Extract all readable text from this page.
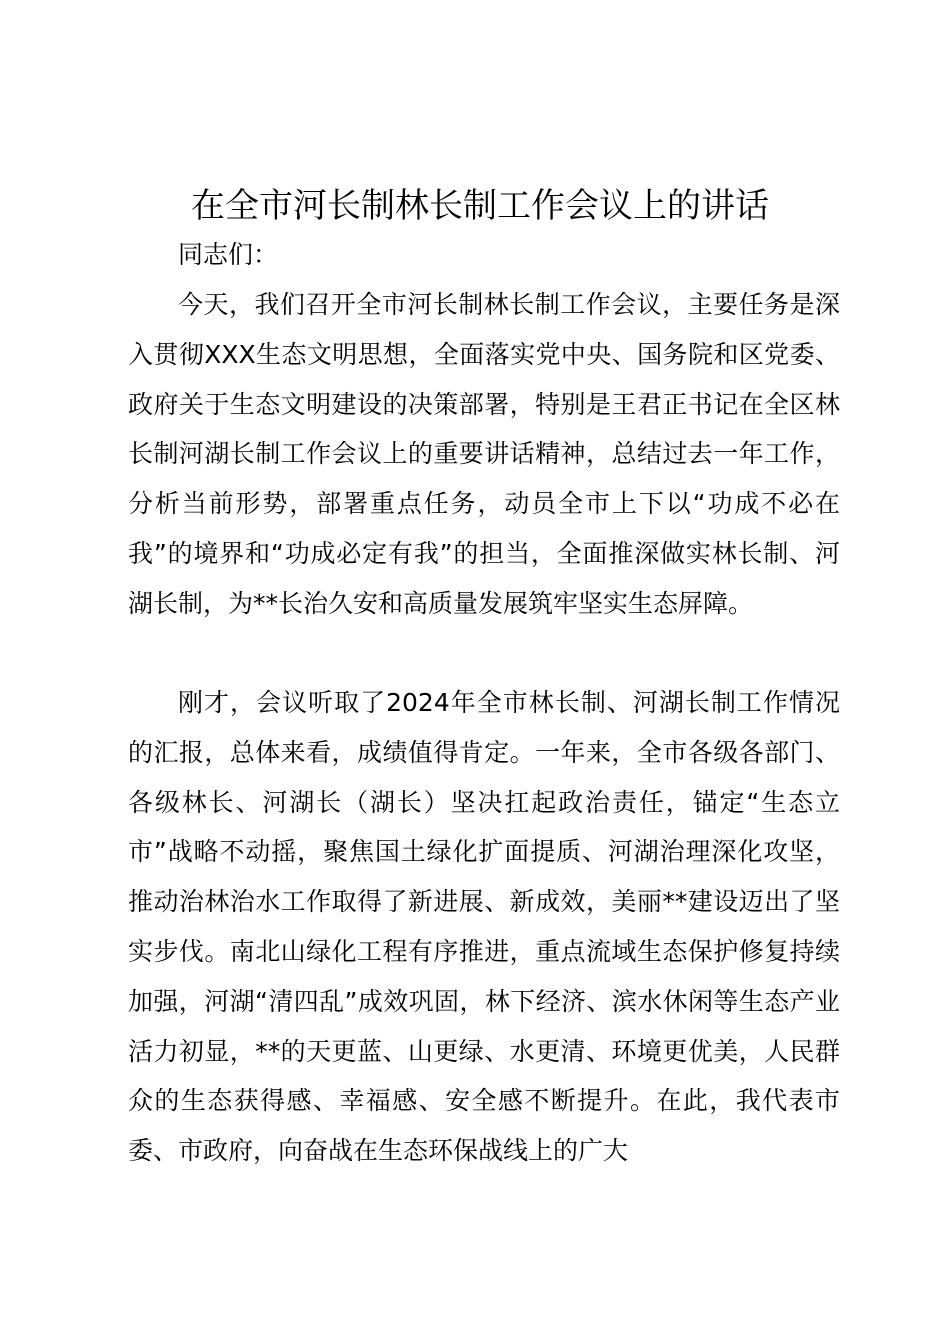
在全市河长制林长制工作会议上的讲话

同志们：

今天，我们召开全市河长制林长制工作会议，主要任务是深入贯彻XXX生态文明思想，全面落实党中央、国务院和区党委、政府关于生态文明建设的决策部署，特别是王君正书记在全区林长制河湖长制工作会议上的重要讲话精神，总结过去一年工作，分析当前形势，部署重点任务，动员全市上下以“功成不必在我”的境界和“功成必定有我”的担当，全面推深做实林长制、河湖长制，为**长治久安和高质量发展筑牢坚实生态屏障。

刚才，会议听取了2024年全市林长制、河湖长制工作情况的汇报，总体来看，成绩值得肯定。一年来，全市各级各部门、各级林长、河湖长（湖长）坚决扛起政治责任，锚定“生态立市”战略不动摇，聚焦国土绿化扩面提质、河湖治理深化攻坚，推动治林治水工作取得了新进展、新成效，美丽**建设迈出了坚实步伐。南北山绿化工程有序推进，重点流域生态保护修复持续加强，河湖“清四乱”成效巩固，林下经济、滨水休闲等生态产业活力初显，**的天更蓝、山更绿、水更清、环境更优美，人民群众的生态获得感、幸福感、安全感不断提升。在此，我代表市委、市政府，向奋战在生态环保战线上的广大
